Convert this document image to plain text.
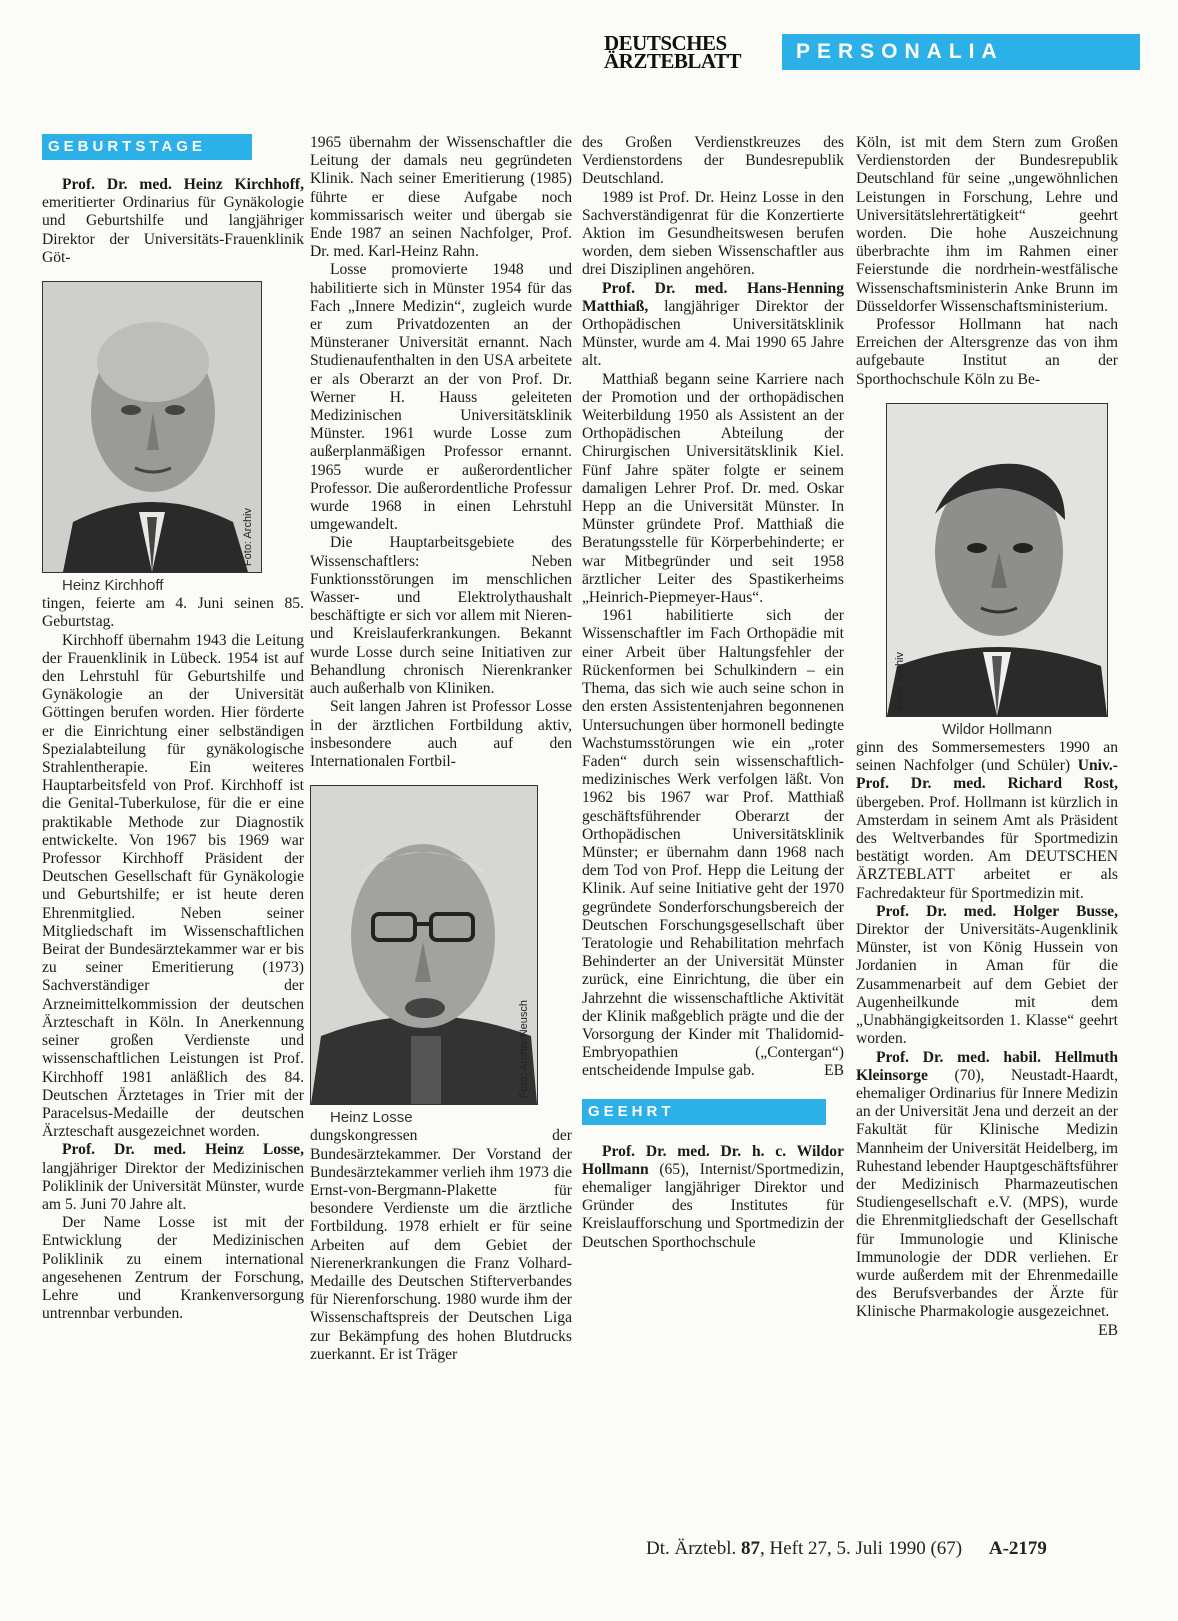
DEUTSCHES
ÄRZTEBLATT	PERSONALIA
GEBURTSTAGE

Prof. Dr. med. Heinz Kirchhoff, emeritierter Ordinarius für Gynäkologie und Geburtshilfe und langjähriger Direktor der Universitäts-Frauenklinik Göt-

Foto: Archiv

Heinz Kirchhoff

tingen, feierte am 4. Juni seinen 85. Geburtstag.

Kirchhoff übernahm 1943 die Leitung der Frauenklinik in Lübeck. 1954 ist auf den Lehrstuhl für Geburtshilfe und Gynäkologie an der Universität Göttingen berufen worden. Hier förderte er die Einrichtung einer selbständigen Spezialabteilung für gynäkologische Strahlentherapie. Ein weiteres Hauptarbeitsfeld von Prof. Kirchhoff ist die Genital-Tuberkulose, für die er eine praktikable Methode zur Diagnostik entwickelte. Von 1967 bis 1969 war Professor Kirchhoff Präsident der Deutschen Gesellschaft für Gynäkologie und Geburtshilfe; er ist heute deren Ehrenmitglied. Neben seiner Mitgliedschaft im Wissenschaftlichen Beirat der Bundesärztekammer war er bis zu seiner Emeritierung (1973) Sachverständiger der Arzneimittelkommission der deutschen Ärzteschaft in Köln. In Anerkennung seiner großen Verdienste und wissenschaftlichen Leistungen ist Prof. Kirchhoff 1981 anläßlich des 84. Deutschen Ärztetages in Trier mit der Paracelsus-Medaille der deutschen Ärzteschaft ausgezeichnet worden.

Prof. Dr. med. Heinz Losse, langjähriger Direktor der Medizinischen Poliklinik der Universität Münster, wurde am 5. Juni 70 Jahre alt.

Der Name Losse ist mit der Entwicklung der Medizinischen Poliklinik zu einem international angesehenen Zentrum der Forschung, Lehre und Krankenversorgung untrennbar verbunden.

1965 übernahm der Wissenschaftler die Leitung der damals neu gegründeten Klinik. Nach seiner Emeritierung (1985) führte er diese Aufgabe noch kommissarisch weiter und übergab sie Ende 1987 an seinen Nachfolger, Prof. Dr. med. Karl-Heinz Rahn.

Losse promovierte 1948 und habilitierte sich in Münster 1954 für das Fach „Innere Medizin“, zugleich wurde er zum Privatdozenten an der Münsteraner Universität ernannt. Nach Studienaufenthalten in den USA arbeitete er als Oberarzt an der von Prof. Dr. Werner H. Hauss geleiteten Medizinischen Universitätsklinik Münster. 1961 wurde Losse zum außerplanmäßigen Professor ernannt. 1965 wurde er außerordentlicher Professor. Die außerordentliche Professur wurde 1968 in einen Lehrstuhl umgewandelt.

Die Hauptarbeitsgebiete des Wissenschaftlers: Neben Funktionsstörungen im menschlichen Wasser- und Elektrolythaushalt beschäftigte er sich vor allem mit Nieren- und Kreislauferkrankungen. Bekannt wurde Losse durch seine Initiativen zur Behandlung chronisch Nierenkranker auch außerhalb von Kliniken.

Seit langen Jahren ist Professor Losse in der ärztlichen Fortbildung aktiv, insbesondere auch auf den Internationalen Fortbil-

Foto: Archiv/Neusch

Heinz Losse

dungskongressen der Bundesärztekammer. Der Vorstand der Bundesärztekammer verlieh ihm 1973 die Ernst-von-Bergmann-Plakette für besondere Verdienste um die ärztliche Fortbildung. 1978 erhielt er für seine Arbeiten auf dem Gebiet der Nierenerkrankungen die Franz Volhard-Medaille des Deutschen Stifterverbandes für Nierenforschung. 1980 wurde ihm der Wissenschaftspreis der Deutschen Liga zur Bekämpfung des hohen Blutdrucks zuerkannt. Er ist Träger

des Großen Verdienstkreuzes des Verdienstordens der Bundesrepublik Deutschland.

1989 ist Prof. Dr. Heinz Losse in den Sachverständigenrat für die Konzertierte Aktion im Gesundheitswesen berufen worden, dem sieben Wissenschaftler aus drei Disziplinen angehören.

Prof. Dr. med. Hans-Henning Matthiaß, langjähriger Direktor der Orthopädischen Universitätsklinik Münster, wurde am 4. Mai 1990 65 Jahre alt.

Matthiaß begann seine Karriere nach der Promotion und der orthopädischen Weiterbildung 1950 als Assistent an der Orthopädischen Abteilung der Chirurgischen Universitätsklinik Kiel. Fünf Jahre später folgte er seinem damaligen Lehrer Prof. Dr. med. Oskar Hepp an die Universität Münster. In Münster gründete Prof. Matthiaß die Beratungsstelle für Körperbehinderte; er war Mitbegründer und seit 1958 ärztlicher Leiter des Spastikerheims „Heinrich-Piepmeyer-Haus“.

1961 habilitierte sich der Wissenschaftler im Fach Orthopädie mit einer Arbeit über Haltungsfehler der Rückenformen bei Schulkindern – ein Thema, das sich wie auch seine schon in den ersten Assistentenjahren begonnenen Untersuchungen über hormonell bedingte Wachstumsstörungen wie ein „roter Faden“ durch sein wissenschaftlich-medizinisches Werk verfolgen läßt. Von 1962 bis 1967 war Prof. Matthiaß geschäftsführender Oberarzt der Orthopädischen Universitätsklinik Münster; er übernahm dann 1968 nach dem Tod von Prof. Hepp die Leitung der Klinik. Auf seine Initiative geht der 1970 gegründete Sonderforschungsbereich der Deutschen Forschungsgesellschaft über Teratologie und Rehabilitation mehrfach Behinderter an der Universität Münster zurück, eine Einrichtung, die über ein Jahrzehnt die wissenschaftliche Aktivität der Klinik maßgeblich prägte und die der Vorsorgung der Kinder mit Thalidomid-Embryopathien („Contergan“) entscheidende Impulse gab.	EB

GEEHRT

Prof. Dr. med. Dr. h. c. Wildor Hollmann (65), Internist/Sportmedizin, ehemaliger langjähriger Direktor und Gründer des Institutes für Kreislaufforschung und Sportmedizin der Deutschen Sporthochschule

Köln, ist mit dem Stern zum Großen Verdienstorden der Bundesrepublik Deutschland für seine „ungewöhnlichen Leistungen in Forschung, Lehre und Universitätslehrertätigkeit“ geehrt worden. Die hohe Auszeichnung überbrachte ihm im Rahmen einer Feierstunde die nordrhein-westfälische Wissenschaftsministerin Anke Brunn im Düsseldorfer Wissenschaftsministerium.

Professor Hollmann hat nach Erreichen der Altersgrenze das von ihm aufgebaute Institut an der Sporthochschule Köln zu Be-

Foto: Archiv

Wildor Hollmann

ginn des Sommersemesters 1990 an seinen Nachfolger (und Schüler) Univ.-Prof. Dr. med. Richard Rost, übergeben. Prof. Hollmann ist kürzlich in Amsterdam in seinem Amt als Präsident des Weltverbandes für Sportmedizin bestätigt worden. Am DEUTSCHEN ÄRZTEBLATT arbeitet er als Fachredakteur für Sportmedizin mit.

Prof. Dr. med. Holger Busse, Direktor der Universitäts-Augenklinik Münster, ist von König Hussein von Jordanien in Aman für die Zusammenarbeit auf dem Gebiet der Augenheilkunde mit dem „Unabhängigkeitsorden 1. Klasse“ geehrt worden.

Prof. Dr. med. habil. Hellmuth Kleinsorge (70), Neustadt-Haardt, ehemaliger Ordinarius für Innere Medizin an der Universität Jena und derzeit an der Fakultät für Klinische Medizin Mannheim der Universität Heidelberg, im Ruhestand lebender Hauptgeschäftsführer der Medizinisch Pharmazeutischen Studiengesellschaft e.V. (MPS), wurde die Ehrenmitgliedschaft der Gesellschaft für Immunologie und Klinische Immunologie der DDR verliehen. Er wurde außerdem mit der Ehrenmedaille des Berufsverbandes der Ärzte für Klinische Pharmakologie ausgezeichnet.
EB

Dt. Ärztebl. 87, Heft 27, 5. Juli 1990 (67) A-2179
